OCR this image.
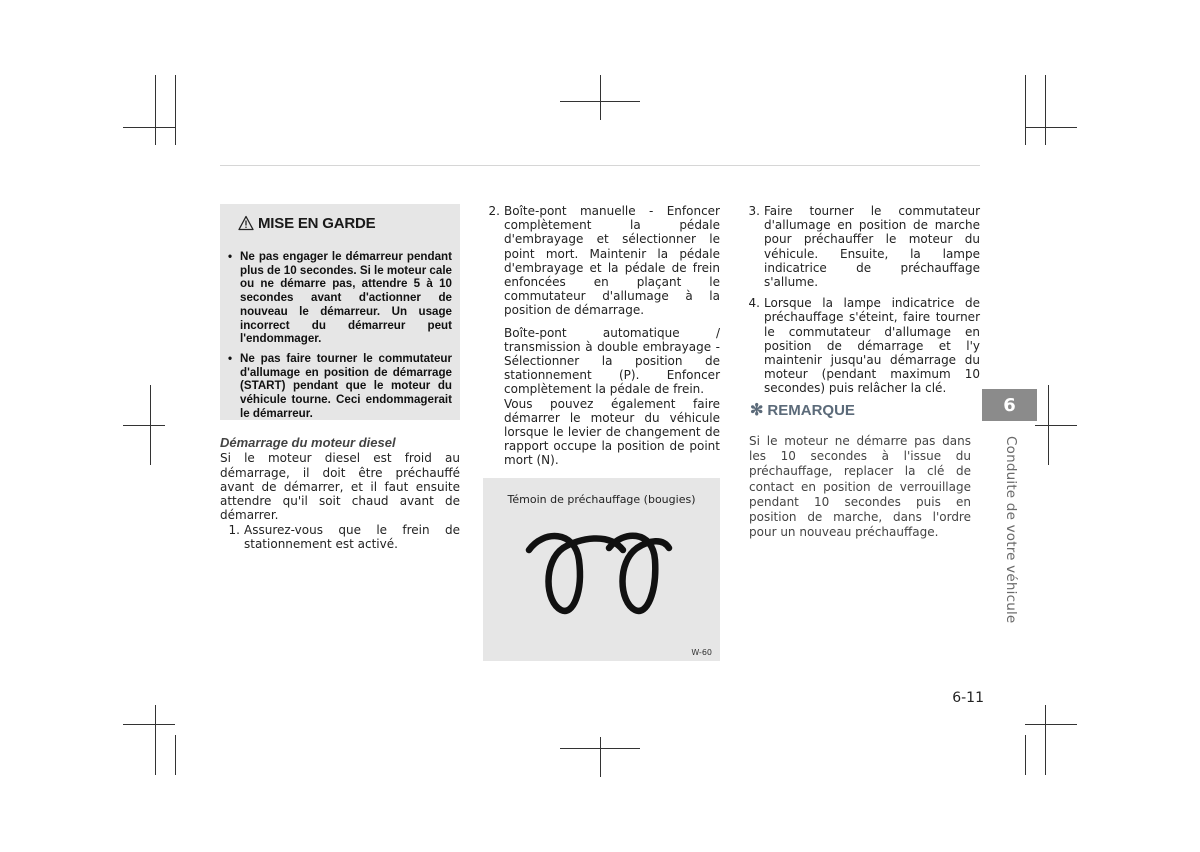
MISE EN GARDE
• Ne pas engager le démarreur pendant plus de 10 secondes. Si le moteur cale ou ne démarre pas, attendre 5 à 10 secondes avant d'actionner de nouveau le démarreur. Un usage incorrect du démarreur peut l'endommager.
• Ne pas faire tourner le commutateur d'allumage en position de démarrage (START) pendant que le moteur du véhicule tourne. Ceci endommagerait le démarreur.
Démarrage du moteur diesel

Si le moteur diesel est froid au démarrage, il doit être préchauffé avant de démarrer, et il faut ensuite attendre qu'il soit chaud avant de démarrer.

1. Assurez-vous que le frein de stationnement est activé.
2. Boîte-pont manuelle - Enfoncer complètement la pédale d'embrayage et sélectionner le point mort. Maintenir la pédale d'embrayage et la pédale de frein enfoncées en plaçant le commutateur d'allumage à la position de démarrage.

Boîte-pont automatique / transmission à double embrayage - Sélectionner la position de stationnement (P). Enfoncer complètement la pédale de frein.

Vous pouvez également faire démarrer le moteur du véhicule lorsque le levier de changement de rapport occupe la position de point mort (N).

Témoin de préchauffage (bougies)
W-60
3. Faire tourner le commutateur d'allumage en position de marche pour préchauffer le moteur du véhicule. Ensuite, la lampe indicatrice de préchauffage s'allume.
4. Lorsque la lampe indicatrice de préchauffage s'éteint, faire tourner le commutateur d'allumage en position de démarrage et l'y maintenir jusqu'au démarrage du moteur (pendant maximum 10 secondes) puis relâcher la clé.
✻ REMARQUE

Si le moteur ne démarre pas dans les 10 secondes à l'issue du préchauffage, replacer la clé de contact en position de verrouillage pendant 10 secondes puis en position de marche, dans l'ordre pour un nouveau préchauffage.

6
Conduite de votre véhicule
6-11
